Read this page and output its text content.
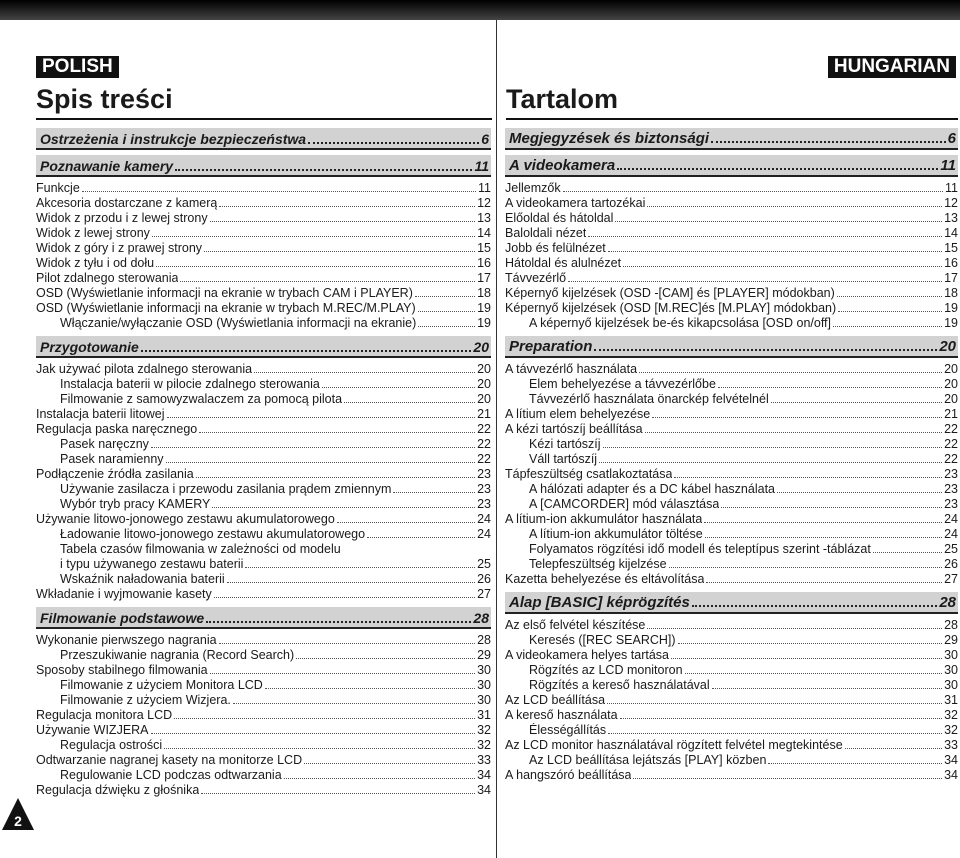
POLISH	HUNGARIAN
Spis treści	Tartalom
Ostrzeżenia i instrukcje bezpieczeństwa	6
Poznawanie kamery	11
Funkcje	11
Akcesoria dostarczane z kamerą	12
Widok z przodu i z lewej strony	13
Widok z lewej strony	14
Widok z góry i z prawej strony	15
Widok z tyłu i od dołu	16
Pilot zdalnego sterowania	17
OSD (Wyświetlanie informacji na ekranie w trybach CAM i PLAYER)	18
OSD (Wyświetlanie informacji na ekranie w trybach M.REC/M.PLAY)	19
Włączanie/wyłączanie OSD (Wyświetlania informacji na ekranie)	19
Przygotowanie	20
Jak używać pilota zdalnego sterowania	20
Instalacja baterii w pilocie zdalnego sterowania	20
Filmowanie z samowyzwalaczem za pomocą pilota	20
Instalacja baterii litowej	21
Regulacja paska naręcznego	22
Pasek naręczny	22
Pasek naramienny	22
Podłączenie źródła zasilania	23
Używanie zasilacza i przewodu zasilania prądem zmiennym	23
Wybór tryb pracy KAMERY	23
Używanie litowo-jonowego zestawu akumulatorowego	24
Ładowanie litowo-jonowego zestawu akumulatorowego	24
Tabela czasów filmowania w zależności od modelu
i typu używanego zestawu baterii	25
Wskaźnik naładowania baterii	26
Wkładanie i wyjmowanie kasety	27
Filmowanie podstawowe	28
Wykonanie pierwszego nagrania	28
Przeszukiwanie nagrania (Record Search)	29
Sposoby stabilnego filmowania	30
Filmowanie z użyciem Monitora LCD	30
Filmowanie z użyciem Wizjera.	30
Regulacja monitora LCD	31
Używanie WIZJERA	32
Regulacja ostrości	32
Odtwarzanie nagranej kasety na monitorze LCD	33
Regulowanie LCD podczas odtwarzania	34
Regulacja dźwięku z głośnika	34
Megjegyzések és biztonsági	6
A videokamera	11
Jellemzők	11
A videokamera tartozékai	12
Előoldal és hátoldal	13
Baloldali nézet	14
Jobb és felülnézet	15
Hátoldal és alulnézet	16
Távvezérlő	17
Képernyő kijelzések (OSD -[CAM] és [PLAYER] módokban)	18
Képernyő kijelzések (OSD [M.REC]és [M.PLAY] módokban)	19
A képernyő kijelzések be-és kikapcsolása [OSD on/off]	19
Preparation	20
A távvezérlő használata	20
Elem behelyezése a távvezérlőbe	20
Távvezérlő használata önarckép felvételnél	20
A lítium elem behelyezése	21
A kézi tartószíj beállítása	22
Kézi tartószíj	22
Váll tartószíj	22
Tápfeszültség csatlakoztatása	23
A hálózati adapter és a DC kábel használata	23
A [CAMCORDER] mód választása	23
A lítium-ion akkumulátor használata	24
A lítium-ion akkumulátor töltése	24
Folyamatos rögzítési idő modell és teleptípus szerint -táblázat	25
Telepfeszültség kijelzése	26
Kazetta behelyezése és eltávolítása	27
Alap [BASIC] képrögzítés	28
Az első felvétel készítése	28
Keresés ([REC SEARCH])	29
A videokamera helyes tartása	30
Rögzítés az LCD monitoron	30
Rögzítés a kereső használatával	30
Az LCD beállítása	31
A kereső használata	32
Élességállítás	32
Az LCD monitor használatával rögzített felvétel megtekintése	33
Az LCD beállítása lejátszás [PLAY] közben	34
A hangszóró beállítása	34
2
